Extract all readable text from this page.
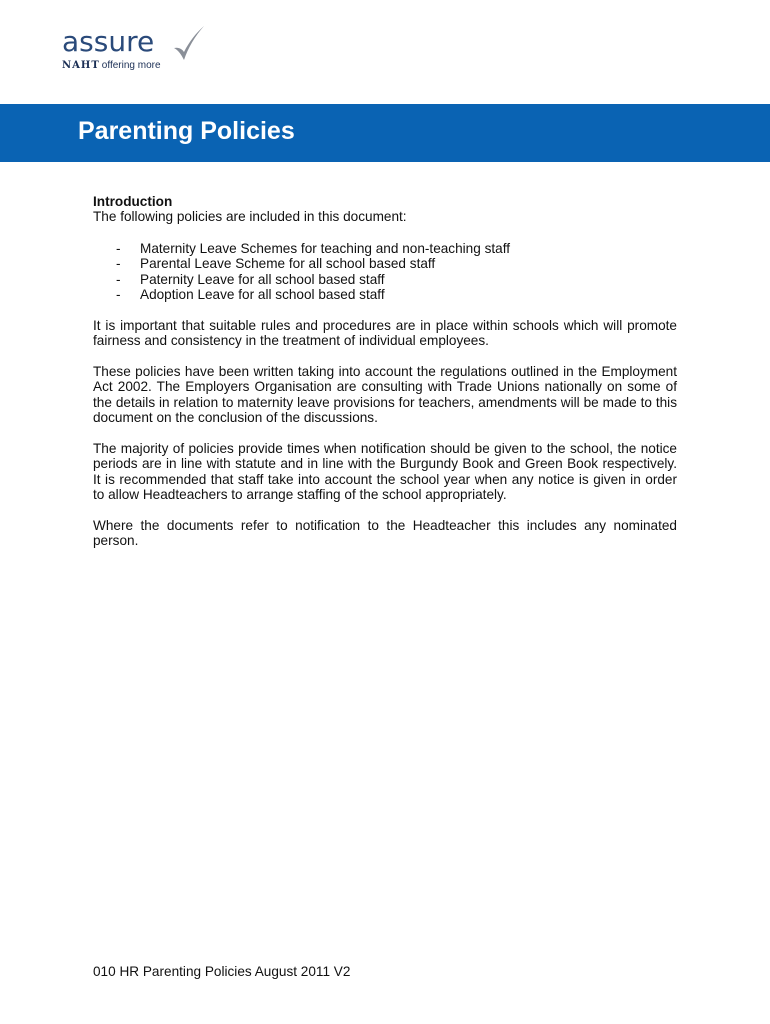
assure
NAHT offering more
Parenting Policies

Introduction

The following policies are included in this document:

- Maternity Leave Schemes for teaching and non-teaching staff
- Parental Leave Scheme for all school based staff
- Paternity Leave for all school based staff
- Adoption Leave for all school based staff

It is important that suitable rules and procedures are in place within schools which will promote fairness and consistency in the treatment of individual employees.

These policies have been written taking into account the regulations outlined in the Employment Act 2002. The Employers Organisation are consulting with Trade Unions nationally on some of the details in relation to maternity leave provisions for teachers, amendments will be made to this document on the conclusion of the discussions.

The majority of policies provide times when notification should be given to the school, the notice periods are in line with statute and in line with the Burgundy Book and Green Book respectively. It is recommended that staff take into account the school year when any notice is given in order to allow Headteachers to arrange staffing of the school appropriately.

Where the documents refer to notification to the Headteacher this includes any nominated person.

010 HR Parenting Policies August 2011 V2
